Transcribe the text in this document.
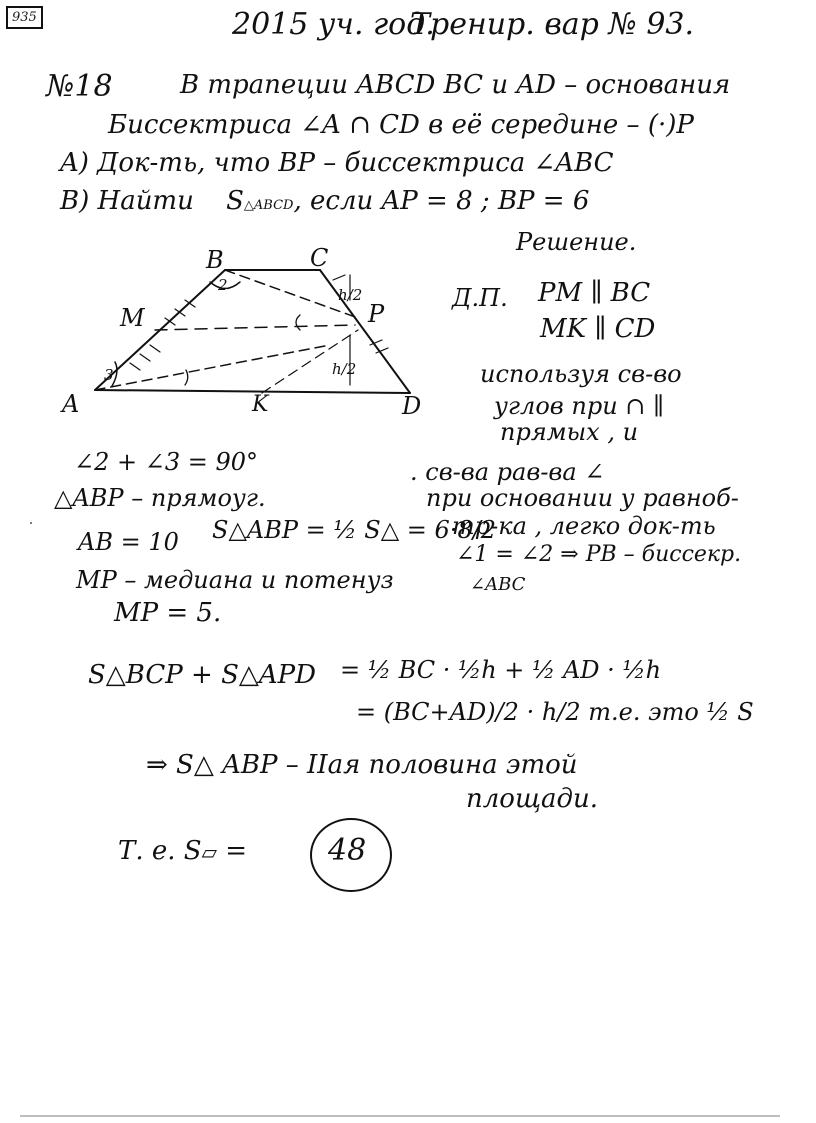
935	2015 уч. год.
Тренир. вар № 93.
№18	В трапеции ABCD BC и AD – основания
Биссектриса ∠A ∩ CD в её середине – (·)P
A) Док-ть, что BP – биссектриса ∠ABC
B) Найти S△ABCD, если AP = 8 ; BP = 6
Решение.
A
B	C
D
M	P
K
3
2
h/2
h/2
Д.П. PM ∥ BC
MK ∥ CD
используя св-во
углов при ∩ ∥
прямых , и
. св-ва рав-ва ∠
при основании у равноб-
тр-ка , легко док-ть
∠1 = ∠2 ⇒ PB – биссекр.
∠ABC
∠2 + ∠3 = 90°
△ABP – прямоуг.
AB = 10 S△ABP = ½ S△ = 6·8/2
MP – медиана и потенуз
MP = 5.
S△BCP + S△APD = ½ BC · ½h + ½ AD · ½h
= (BC+AD)/2 · h/2 т.е. это ½ S
⇒ S△ ABP – IIая половина этой
площади.
Т. е. S▱ =	48
